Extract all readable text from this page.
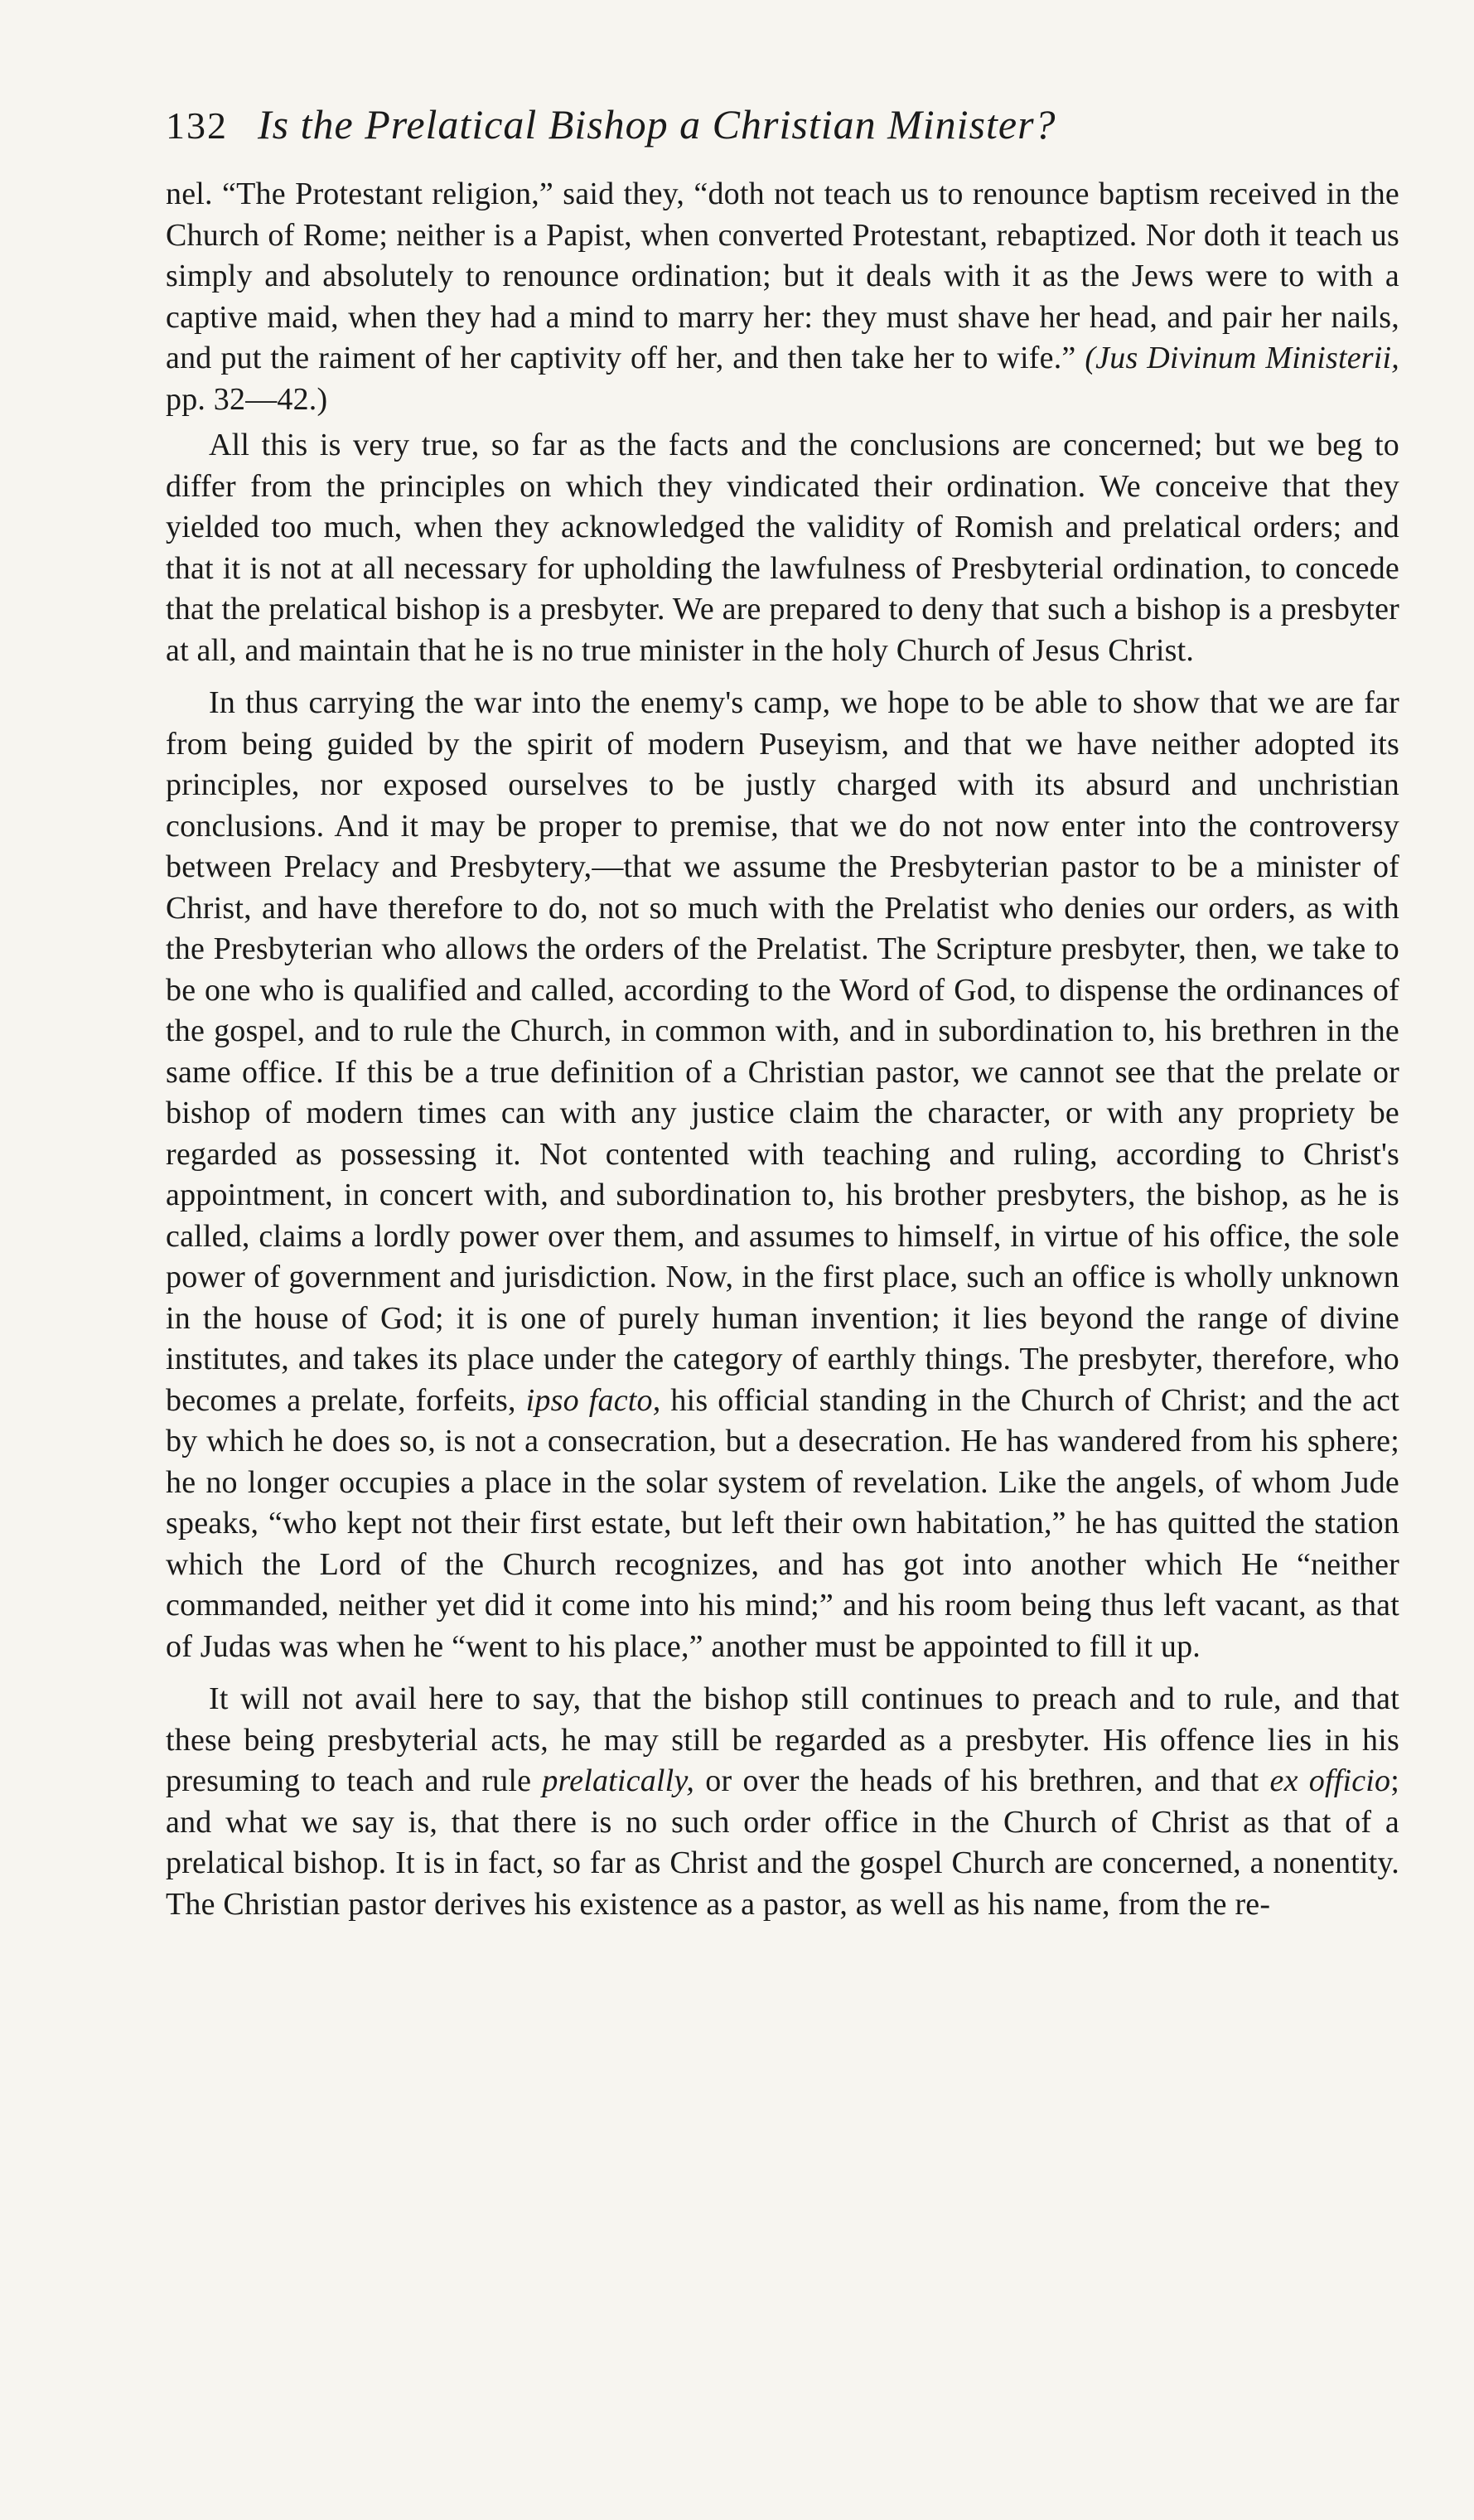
132 Is the Prelatical Bishop a Christian Minister?

nel. “The Protestant religion,” said they, “doth not teach us to renounce baptism received in the Church of Rome; neither is a Papist, when converted Protestant, rebaptized. Nor doth it teach us simply and absolutely to renounce ordination; but it deals with it as the Jews were to with a captive maid, when they had a mind to marry her: they must shave her head, and pair her nails, and put the raiment of her captivity off her, and then take her to wife.” (Jus Divinum Ministerii, pp. 32—42.)

All this is very true, so far as the facts and the conclusions are concerned; but we beg to differ from the principles on which they vindicated their ordination. We conceive that they yielded too much, when they acknowledged the validity of Romish and prelatical orders; and that it is not at all necessary for upholding the lawfulness of Presbyterial ordination, to concede that the prelatical bishop is a presbyter. We are prepared to deny that such a bishop is a presbyter at all, and maintain that he is no true minister in the holy Church of Jesus Christ.

In thus carrying the war into the enemy's camp, we hope to be able to show that we are far from being guided by the spirit of modern Puseyism, and that we have neither adopted its principles, nor exposed ourselves to be justly charged with its absurd and unchristian conclusions. And it may be proper to premise, that we do not now enter into the controversy between Prelacy and Presbytery,—that we assume the Presbyterian pastor to be a minister of Christ, and have therefore to do, not so much with the Prelatist who denies our orders, as with the Presbyterian who allows the orders of the Prelatist. The Scripture presbyter, then, we take to be one who is qualified and called, according to the Word of God, to dispense the ordinances of the gospel, and to rule the Church, in common with, and in subordination to, his brethren in the same office. If this be a true definition of a Christian pastor, we cannot see that the prelate or bishop of modern times can with any justice claim the character, or with any propriety be regarded as possessing it. Not contented with teaching and ruling, according to Christ's appointment, in concert with, and subordination to, his brother presbyters, the bishop, as he is called, claims a lordly power over them, and assumes to himself, in virtue of his office, the sole power of government and jurisdiction. Now, in the first place, such an office is wholly unknown in the house of God; it is one of purely human invention; it lies beyond the range of divine institutes, and takes its place under the category of earthly things. The presbyter, therefore, who becomes a prelate, forfeits, ipso facto, his official standing in the Church of Christ; and the act by which he does so, is not a consecration, but a desecration. He has wandered from his sphere; he no longer occupies a place in the solar system of revelation. Like the angels, of whom Jude speaks, “who kept not their first estate, but left their own habitation,” he has quitted the station which the Lord of the Church recognizes, and has got into another which He “neither commanded, neither yet did it come into his mind;” and his room being thus left vacant, as that of Judas was when he “went to his place,” another must be appointed to fill it up.

It will not avail here to say, that the bishop still continues to preach and to rule, and that these being presbyterial acts, he may still be regarded as a presbyter. His offence lies in his presuming to teach and rule prelatically, or over the heads of his brethren, and that ex officio; and what we say is, that there is no such order office in the Church of Christ as that of a prelatical bishop. It is in fact, so far as Christ and the gospel Church are concerned, a nonentity. The Christian pastor derives his existence as a pastor, as well as his name, from the re-
